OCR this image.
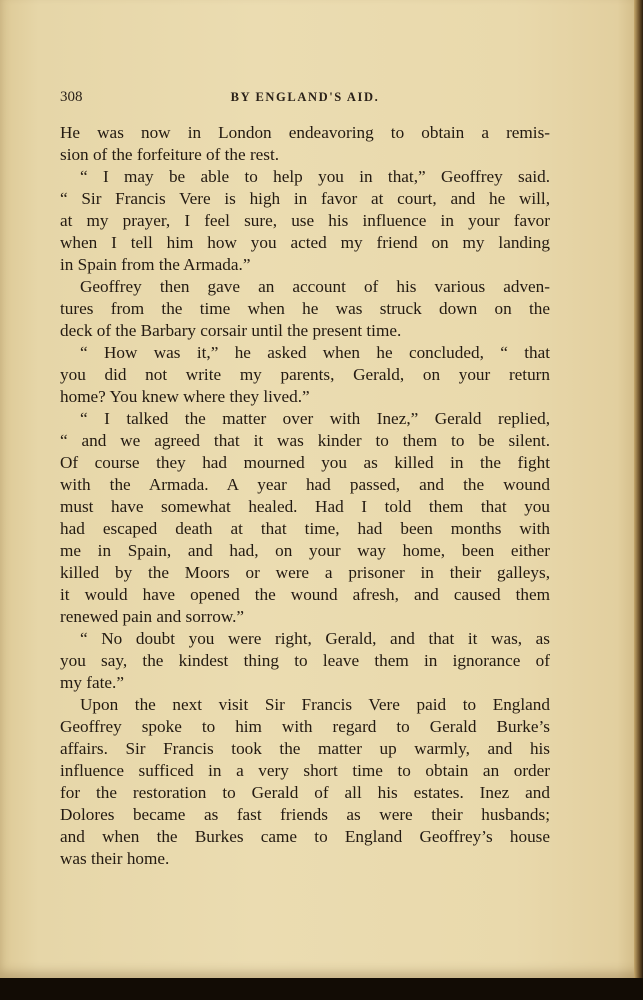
308	BY ENGLAND'S AID.
He was now in London endeavoring to obtain a remis-
sion of the forfeiture of the rest.
“ I may be able to help you in that,” Geoffrey said.
“ Sir Francis Vere is high in favor at court, and he will,
at my prayer, I feel sure, use his influence in your favor
when I tell him how you acted my friend on my landing
in Spain from the Armada.”
Geoffrey then gave an account of his various adven-
tures from the time when he was struck down on the
deck of the Barbary corsair until the present time.
“ How was it,” he asked when he concluded, “ that
you did not write my parents, Gerald, on your return
home? You knew where they lived.”
“ I talked the matter over with Inez,” Gerald replied,
“ and we agreed that it was kinder to them to be silent.
Of course they had mourned you as killed in the fight
with the Armada. A year had passed, and the wound
must have somewhat healed. Had I told them that you
had escaped death at that time, had been months with
me in Spain, and had, on your way home, been either
killed by the Moors or were a prisoner in their galleys,
it would have opened the wound afresh, and caused them
renewed pain and sorrow.”
“ No doubt you were right, Gerald, and that it was, as
you say, the kindest thing to leave them in ignorance of
my fate.”
Upon the next visit Sir Francis Vere paid to England
Geoffrey spoke to him with regard to Gerald Burke’s
affairs. Sir Francis took the matter up warmly, and his
influence sufficed in a very short time to obtain an order
for the restoration to Gerald of all his estates. Inez and
Dolores became as fast friends as were their husbands;
and when the Burkes came to England Geoffrey’s house
was their home.
